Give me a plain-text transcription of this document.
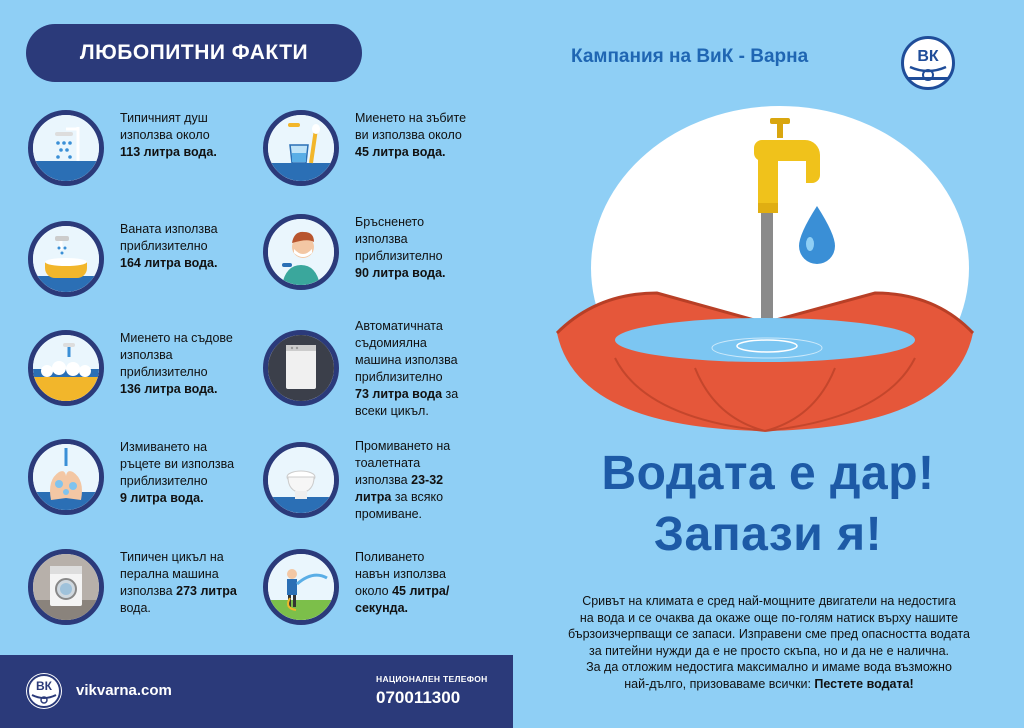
ЛЮБОПИТНИ ФАКТИ
Типичният душ
използва около
113 литра вода.
Ваната използва
приблизително
164 литра вода.
Миенето на съдове
използва
приблизително
136 литра вода.
Измиването на
ръцете ви използва
приблизително
9 литра вода.
Типичен цикъл на
перална машина
използва 273 литра
вода.
Миенето на зъбите
ви използва около
45 литра вода.
Бръсненето
използва
приблизително
90 литра вода.
Автоматичната
съдомиялна
машина използва
приблизително
73 литра вода за
всеки цикъл.
Промиването на
тоалетната
използва 23-32
литра за всяко
промиване.
Поливането
навън използва
около 45 литра/
секунда.
ВК vikvarna.com
НАЦИОНАЛЕН ТЕЛЕФОН
070011300
Кампания на ВиК - Варна	ВК
Водата е дар!
Запази я!
Сривът на климата е сред най-мощните двигатели на недостига
на вода и се очаква да окаже още по-голям натиск върху нашите
бързоизчерпващи се запаси. Изправени сме пред опасността водата
за питейни нужди да е не просто скъпа, но и да не е налична.
За да отложим недостига максимално и имаме вода възможно
най-дълго, призоваваме всички: Пестете водата!
